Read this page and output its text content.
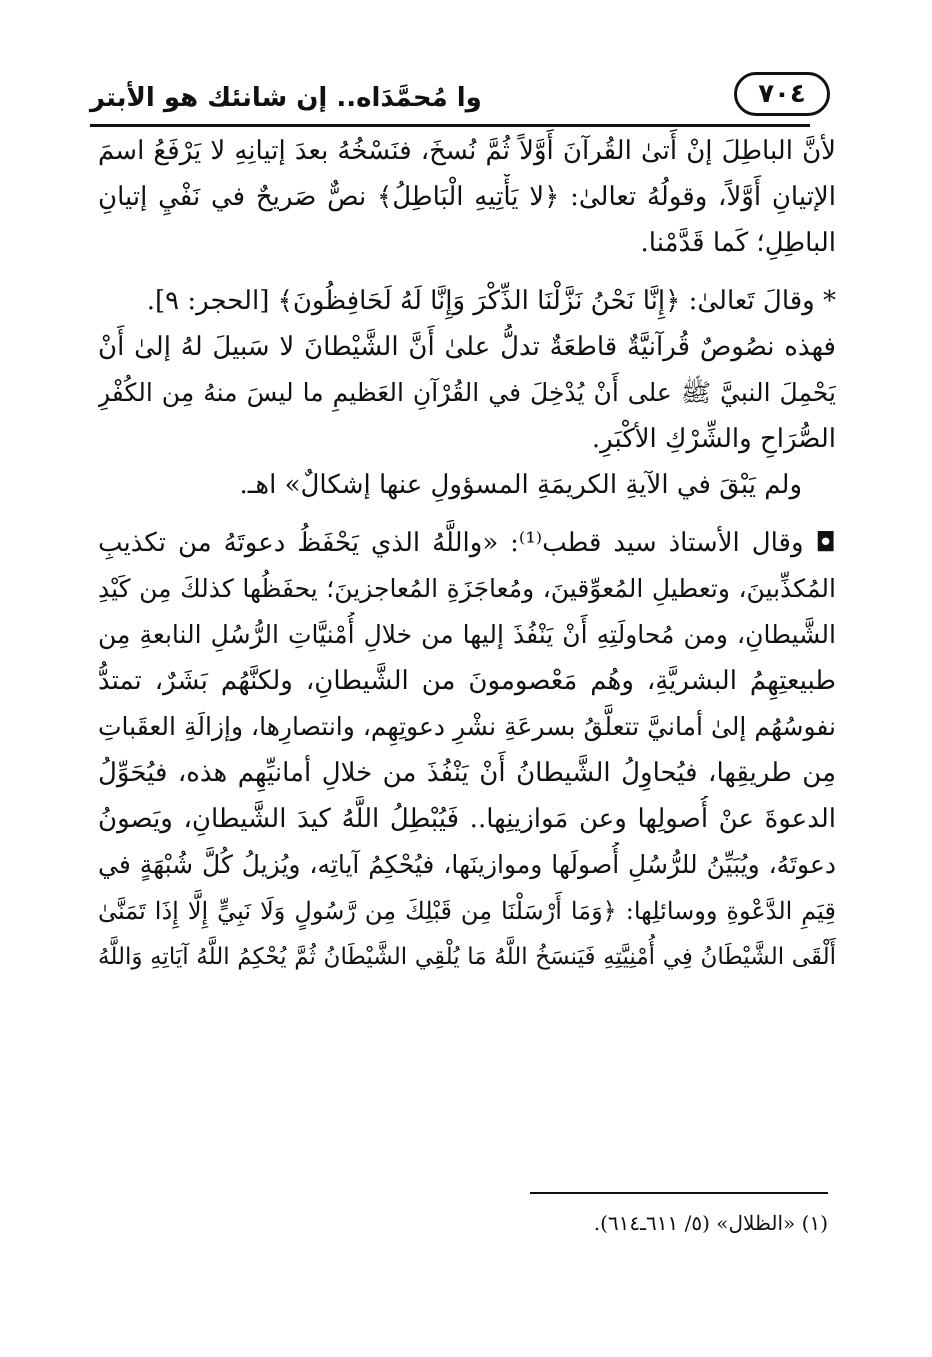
وا مُحمَّدَاه.. إن شانئك هو الأبتر	٧٠٤
لأنَّ الباطِلَ إنْ أَتىٰ القُرآنَ أَوَّلاً ثُمَّ نُسخَ، فنَسْخُهُ بعدَ إتيانِهِ لا يَرْفَعُ اسمَ
الإتيانِ أَوَّلاً، وقولُهُ تعالىٰ: ﴿لا يَأْتِيهِ الْبَاطِلُ﴾ نصٌّ صَريحٌ في نَفْيِ إتيانِ
الباطِلِ؛ كَما قَدَّمْنا.
* وقالَ تَعالىٰ: ﴿إِنَّا نَحْنُ نَزَّلْنَا الذِّكْرَ وَإِنَّا لَهُ لَحَافِظُونَ﴾ [الحجر: ٩].
فهذه نصُوصٌ قُرآنيَّةٌ قاطعَةٌ تدلُّ علىٰ أَنَّ الشَّيْطانَ لا سَبيلَ لهُ إلىٰ أَنْ
يَحْمِلَ النبيَّ ﷺ على أَنْ يُدْخِلَ في القُرْآنِ العَظيمِ ما ليسَ منهُ مِن الكُفْرِ
الصُّرَاحِ والشِّرْكِ الأكْبَرِ.
ولم يَبْقَ في الآيةِ الكريمَةِ المسؤولِ عنها إشكالٌ» اهـ.
◘ وقال الأستاذ سيد قطب⁽¹⁾: «واللَّهُ الذي يَحْفَظُ دعوتَهُ من تكذيبِ
المُكذِّبينَ، وتعطيلِ المُعوِّقينَ، ومُعاجَزَةِ المُعاجزينَ؛ يحفَظُها كذلكَ مِن كَيْدِ
الشَّيطانِ، ومن مُحاولَتِهِ أَنْ يَنْفُذَ إليها من خلالِ أُمْنيَّاتِ الرُّسُلِ النابعةِ مِن
طبيعتِهِمُ البشريَّةِ، وهُم مَعْصومونَ من الشَّيطانِ، ولكنَّهُم بَشَرٌ، تمتدُّ
نفوسُهُم إلىٰ أمانيَّ تتعلَّقُ بسرعَةِ نشْرِ دعوتِهِم، وانتصارِها، وإزالَةِ العقَباتِ
مِن طريقِها، فيُحاوِلُ الشَّيطانُ أَنْ يَنْفُذَ من خلالِ أمانيِّهِم هذه، فيُحَوِّلُ
الدعوةَ عنْ أُصولِها وعن مَوازينِها.. فَيُبْطِلُ اللَّهُ كيدَ الشَّيطانِ، ويَصونُ
دعوتَهُ، ويُبَيِّنُ للرُّسُلِ أُصولَها وموازينَها، فيُحْكِمُ آياتِه، ويُزيلُ كُلَّ شُبْهَةٍ في
قِيَمِ الدَّعْوةِ ووسائلِها: ﴿وَمَا أَرْسَلْنَا مِن قَبْلِكَ مِن رَّسُولٍ وَلَا نَبِيٍّ إِلَّا إِذَا تَمَنَّىٰ
أَلْقَى الشَّيْطَانُ فِي أُمْنِيَّتِهِ فَيَنسَخُ اللَّهُ مَا يُلْقِي الشَّيْطَانُ ثُمَّ يُحْكِمُ اللَّهُ آيَاتِهِ وَاللَّهُ
(١) «الظلال» (٥/ ٦١١ـ٦١٤).
